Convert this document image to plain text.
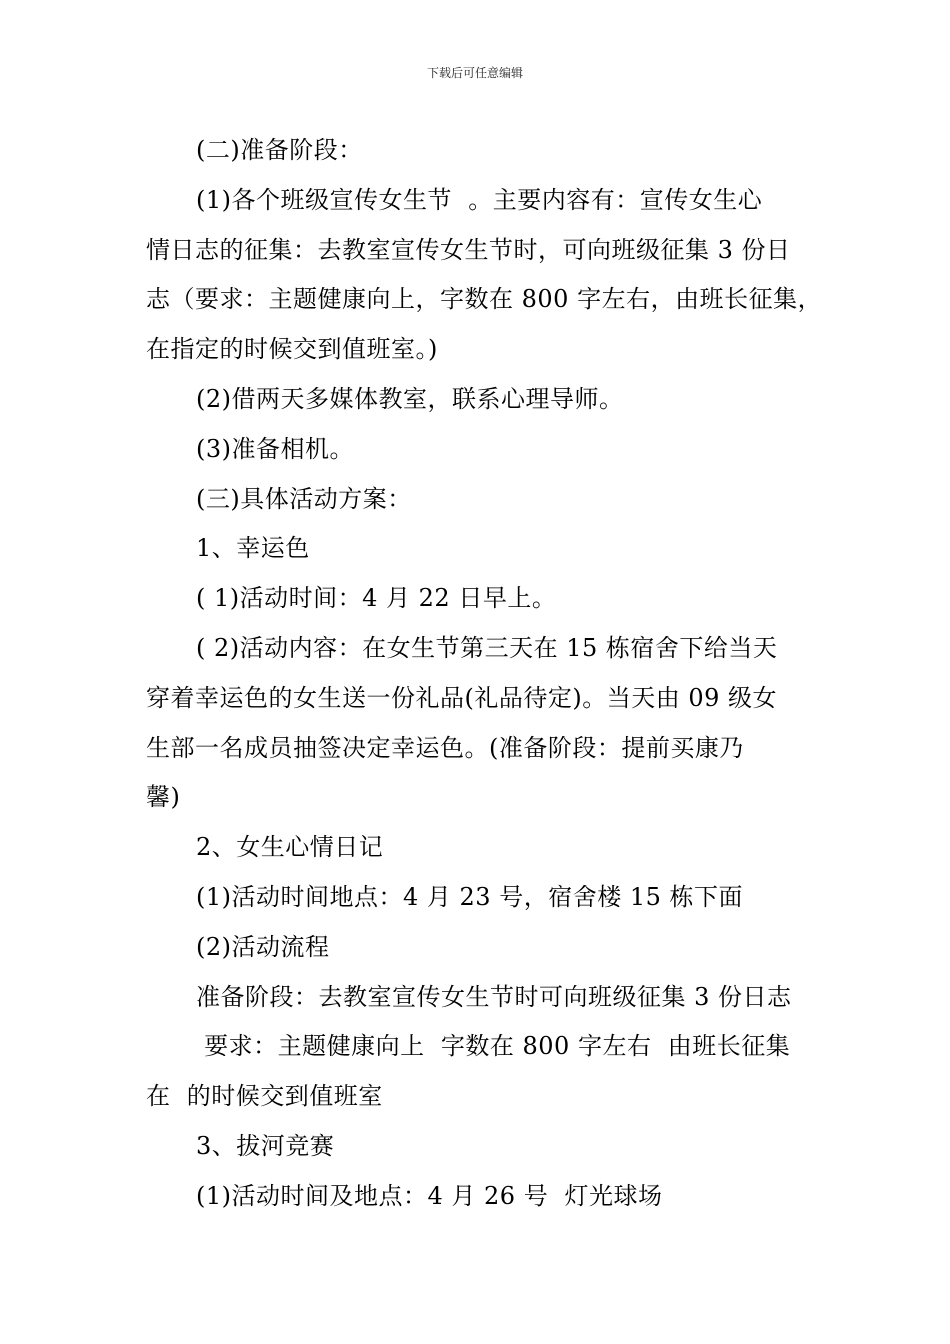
下载后可任意编辑
(二)准备阶段：
(1)各个班级宣传女生节  。主要内容有：宣传女生心
情日志的征集：去教室宣传女生节时，可向班级征集 3 份日
志（要求：主题健康向上，字数在 800 字左右，由班长征集，
在指定的时候交到值班室。)
(2)借两天多媒体教室，联系心理导师。
(3)准备相机。
(三)具体活动方案：
1、幸运色
( 1)活动时间：4 月 22 日早上。
( 2)活动内容：在女生节第三天在 15 栋宿舍下给当天
穿着幸运色的女生送一份礼品(礼品待定)。当天由 09 级女
生部一名成员抽签决定幸运色。(准备阶段：提前买康乃
馨)
2、女生心情日记
(1)活动时间地点：4 月 23 号，宿舍楼 15 栋下面
(2)活动流程
准备阶段：去教室宣传女生节时可向班级征集 3 份日志
要求：主题健康向上  字数在 800 字左右  由班长征集
在  的时候交到值班室
3、拔河竞赛
(1)活动时间及地点：4 月 26 号  灯光球场
